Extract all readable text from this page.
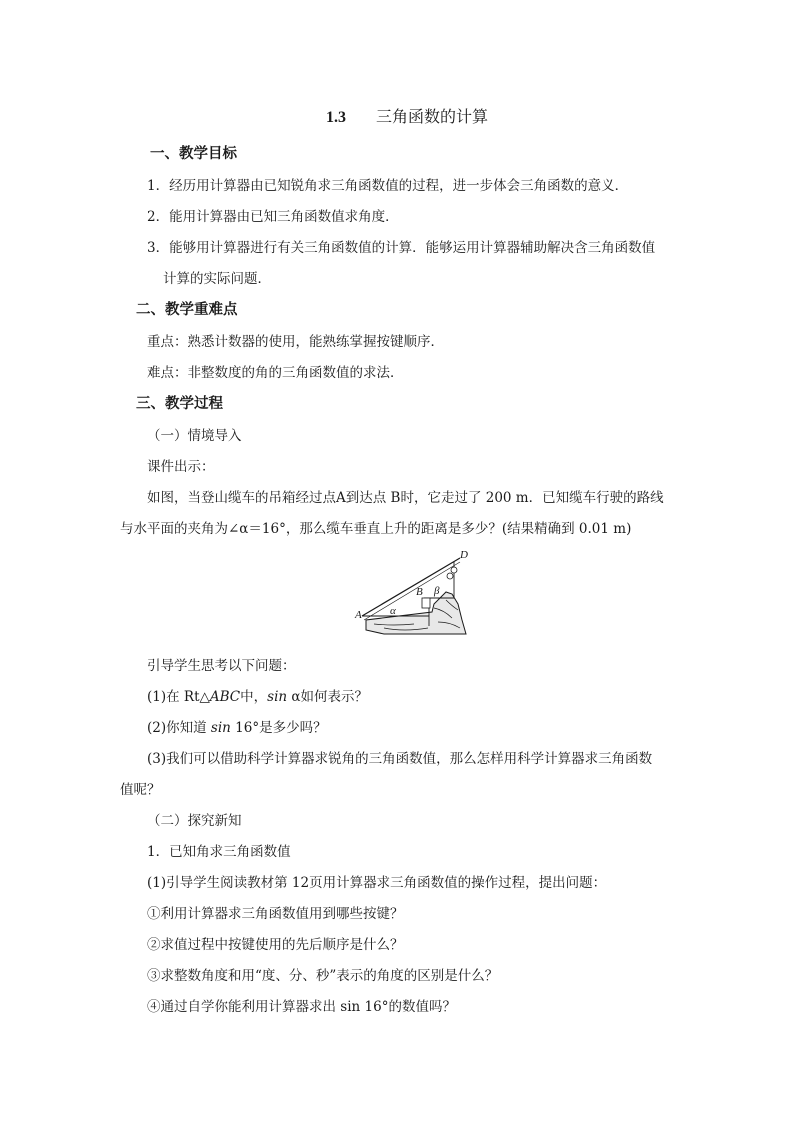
1.3 三角函数的计算
一、教学目标
1．经历用计算器由已知锐角求三角函数值的过程，进一步体会三角函数的意义．
2．能用计算器由已知三角函数值求角度．
3．能够用计算器进行有关三角函数值的计算．能够运用计算器辅助解决含三角函数值
计算的实际问题．
二、教学重难点
重点：熟悉计数器的使用，能熟练掌握按键顺序．
难点：非整数度的角的三角函数值的求法．
三、教学过程
（一）情境导入
课件出示：
如图，当登山缆车的吊箱经过点A到达点 B时，它走过了 200 m．已知缆车行驶的路线
与水平面的夹角为∠α＝16°，那么缆车垂直上升的距离是多少？(结果精确到 0.01 m)
A
B
D
α
β
引导学生思考以下问题：
(1)在 Rt△ABC中，sin α如何表示？
(2)你知道 sin 16°是多少吗？
(3)我们可以借助科学计算器求锐角的三角函数值，那么怎样用科学计算器求三角函数
值呢？
（二）探究新知
1．已知角求三角函数值
(1)引导学生阅读教材第 12页用计算器求三角函数值的操作过程，提出问题：
①利用计算器求三角函数值用到哪些按键？
②求值过程中按键使用的先后顺序是什么？
③求整数角度和用“度、分、秒”表示的角度的区别是什么？
④通过自学你能利用计算器求出 sin 16°的数值吗？
